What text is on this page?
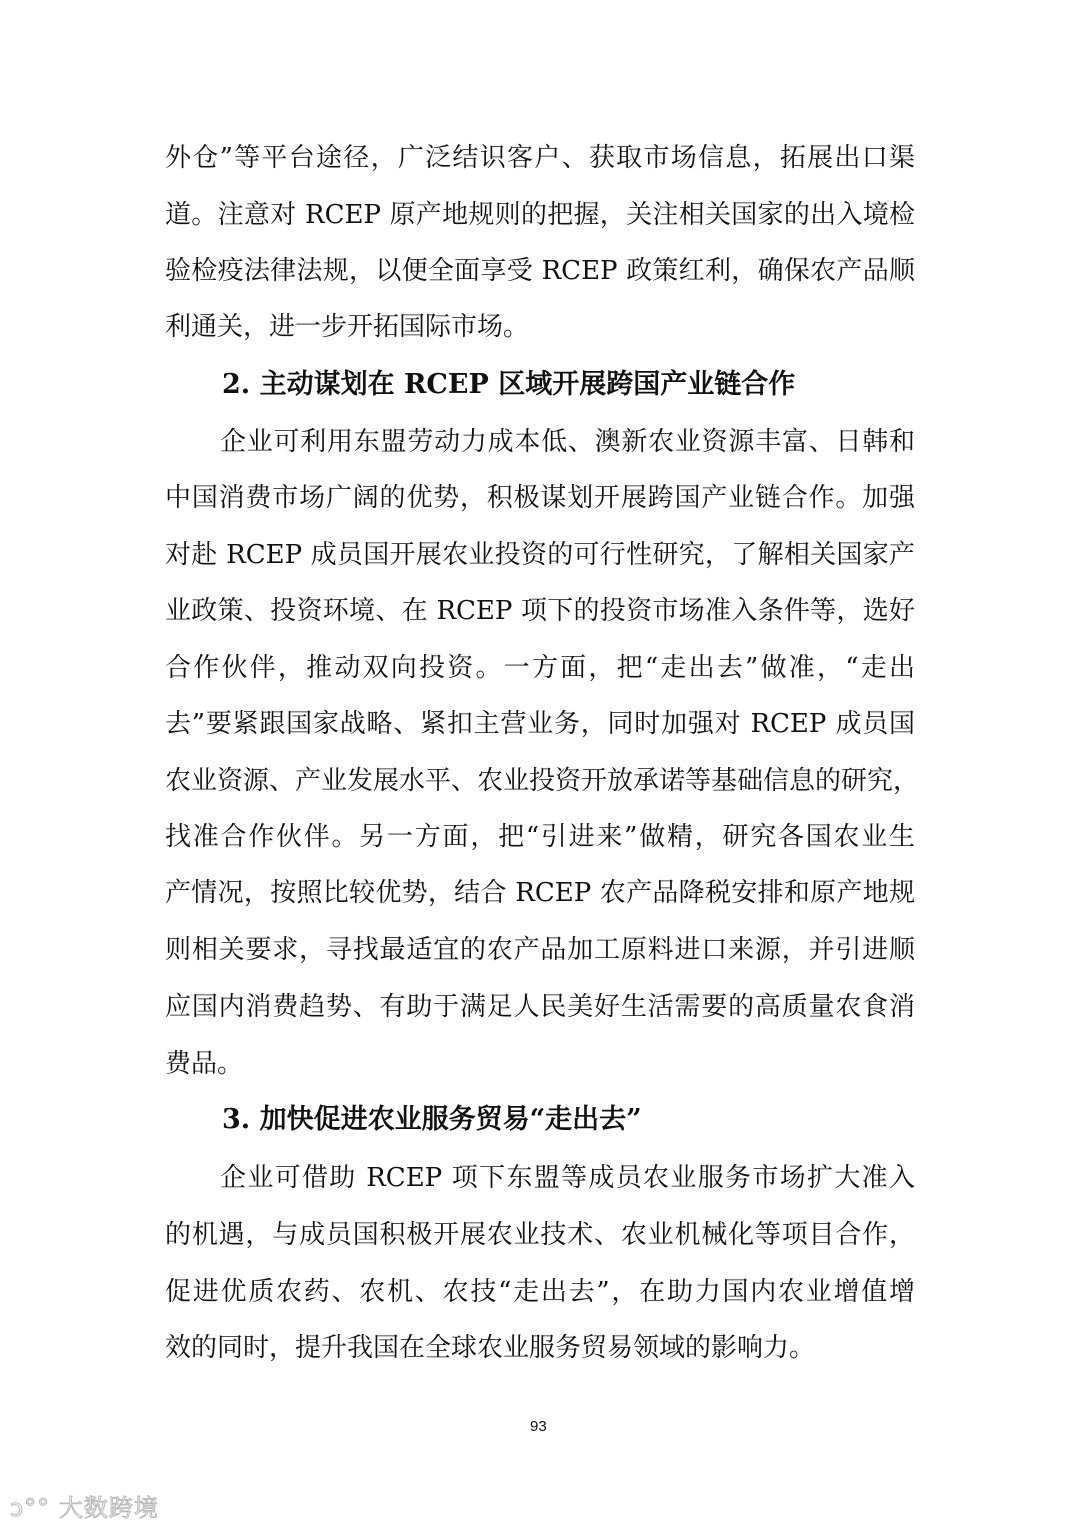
外仓”等平台途径，广泛结识客户、获取市场信息，拓展出口渠
道。注意对 RCEP 原产地规则的把握，关注相关国家的出入境检
验检疫法律法规，以便全面享受 RCEP 政策红利，确保农产品顺
利通关，进一步开拓国际市场。
2. 主动谋划在 RCEP 区域开展跨国产业链合作
企业可利用东盟劳动力成本低、澳新农业资源丰富、日韩和
中国消费市场广阔的优势，积极谋划开展跨国产业链合作。加强
对赴 RCEP 成员国开展农业投资的可行性研究，了解相关国家产
业政策、投资环境、在 RCEP 项下的投资市场准入条件等，选好
合作伙伴，推动双向投资。一方面，把“走出去”做准，“走出
去”要紧跟国家战略、紧扣主营业务，同时加强对 RCEP 成员国
农业资源、产业发展水平、农业投资开放承诺等基础信息的研究，
找准合作伙伴。另一方面，把“引进来”做精，研究各国农业生
产情况，按照比较优势，结合 RCEP 农产品降税安排和原产地规
则相关要求，寻找最适宜的农产品加工原料进口来源，并引进顺
应国内消费趋势、有助于满足人民美好生活需要的高质量农食消
费品。
3. 加快促进农业服务贸易“走出去”
企业可借助 RCEP 项下东盟等成员农业服务市场扩大准入
的机遇，与成员国积极开展农业技术、农业机械化等项目合作，
促进优质农药、农机、农技“走出去”，在助力国内农业增值增
效的同时，提升我国在全球农业服务贸易领域的影响力。
93
ↄ°° 大数跨境
